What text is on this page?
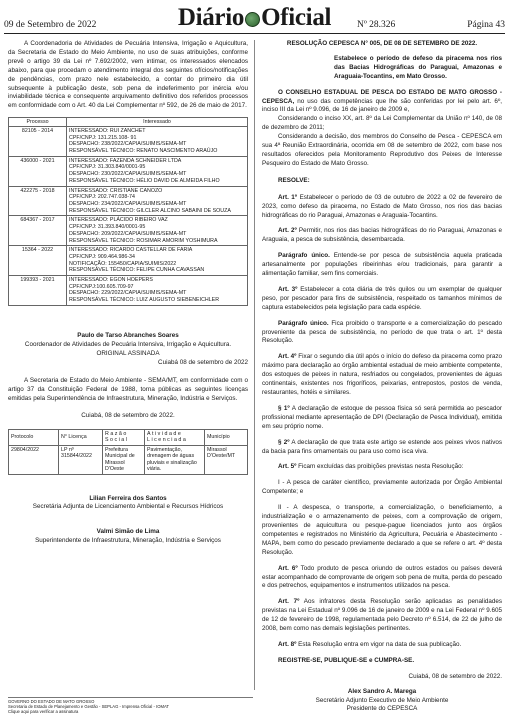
09 de Setembro de 2022	Diário Oficial	Nº 28.326	Página 43

A Coordenadoria de Atividades de Pecuária Intensiva, Irrigação e Aquicultura, da Secretaria de Estado do Meio Ambiente, no uso de suas atribuições, conforme prevê o artigo 39 da Lei nº 7.692/2002, vem intimar, os interessados elencados abaixo, para que procedam o atendimento integral dos seguintes ofícios/notificações de pendências, com prazo nele estabelecido, a contar do primeiro dia útil subsequente à publicação deste, sob pena de indeferimento por inércia e/ou inviabilidade técnica e consequente arquivamento definitivo dos referidos processos em conformidade com o Art. 40 da Lei Complementar nº 592, de 26 de maio de 2017.

Processo	Interessado
82105 - 2014	INTERESSADO: RUI ZANCHET
CPF/CNPJ: 131.215.108- 91
DESPACHO: 238/2022/CAPIA/SUIMIS/SEMA-MT
RESPONSÁVEL TÉCNICO: RENATO NASCIMENTO ARAÚJO

436000 - 2021	INTERESSADO: FAZENDA SCHNEIDER LTDA
CPF/CNPJ: 31.303.840/0001-95
DESPACHO: 230/2022/CAPIA/SUIMIS/SEMA-MT
RESPONSÁVEL TÉCNICO: HÉLIO DAVID DE ALMEIDA FILHO

422275 - 2018	INTERESSADO: CRISTIANE CANOZO
CPF/CNPJ: 202.747.038-74
DESPACHO: 234/2022/CAPIA/SUIMIS/SEMA-MT
RESPONSÁVEL TÉCNICO: GILCLER ALCINO SABAINI DE SOUZA

684367 - 2017	INTERESSADO: PLÁCIDO RIBEIRO VAZ
CPF/CNPJ: 31.393.840/0001-95
DESPACHO: 209/2022/CAPIA/SUIMIS/SEMA-MT
RESPONSÁVEL TÉCNICO: ROSIMAR AMORIM YOSHIMURA

15364 - 2022	INTERESSADO: RICARDO CASTELLAR DE FARIA
CPF/CNPJ: 909.464.986-34
NOTIFICAÇÃO: 155450/CAPIA/SUIMIS/2022
RESPONSÁVEL TÉCNICO: FELIPE CUNHA CAVASSAN

199393 - 2021	INTERESSADO: EGON HOEPERS
CPF/CNPJ:100.605.709-97
DESPACHO: 229/2022/CAPIA/SUIMIS/SEMA-MT
RESPONSÁVEL TÉCNICO: LUIZ AUGUSTO SIEBENEICHLER

Paulo de Tarso Abranches Soares

Coordenador de Atividades de Pecuária Intensiva, Irrigação e Aquicultura.

ORIGINAL ASSINADA

Cuiabá 08 de setembro de 2022

A Secretaria de Estado do Meio Ambiente - SEMA/MT, em conformidade com o artigo 37 da Constituição Federal de 1988, torna públicas as seguintes licenças emitidas pela Superintendência de Infraestrutura, Mineração, Indústria e Serviços.

Cuiabá, 08 de setembro de 2022.

Protocolo	N° Licença	Razão Social	Atividade Licenciada	Município
29804/2022	LP nº 315844/2022	Prefeitura Municipal de Mirassol D'Oeste	Pavimentação, drenagem de águas pluviais e sinalização viária.	Mirassol D'Oeste/MT

Lilian Ferreira dos Santos

Secretária Adjunta de Licenciamento Ambiental e Recursos Hídricos

Valmi Simão de Lima

Superintendente de Infraestrutura, Mineração, Indústria e Serviços

RESOLUÇÃO CEPESCA N° 005, DE 08 DE SETEMBRO DE 2022.

Estabelece o período de defeso da piracema nos rios das Bacias Hidrográficas do Paraguai, Amazonas e Araguaia-Tocantins, em Mato Grosso.

O CONSELHO ESTADUAL DE PESCA DO ESTADO DE MATO GROSSO - CEPESCA, no uso das competências que lhe são conferidas por lei pelo art. 6º, inciso III da Lei nº 9.096, de 16 de janeiro de 2009 e,

Considerando o inciso XX, art. 8º da Lei Complementar da União nº 140, de 08 de dezembro de 2011;

Considerando a decisão, dos membros do Conselho de Pesca - CEPESCA em sua 4ª Reunião Extraordinária, ocorrida em 08 de setembro de 2022, com base nos resultados oferecidos pela Monitoramento Reprodutivo dos Peixes de Interesse Pesqueiro do Estado de Mato Grosso.

RESOLVE:

Art. 1º Estabelecer o período de 03 de outubro de 2022 a 02 de fevereiro de 2023, como defeso da piracema, no Estado de Mato Grosso, nos rios das bacias hidrográficas do rio Paraguai, Amazonas e Araguaia-Tocantins.

Art. 2º Permitir, nos rios das bacias hidrográficas do rio Paraguai, Amazonas e Araguaia, a pesca de subsistência, desembarcada.

Parágrafo único. Entende-se por pesca de subsistência aquela praticada artesanalmente por populações ribeirinhas e/ou tradicionais, para garantir a alimentação familiar, sem fins comerciais.

Art. 3º Estabelecer a cota diária de três quilos ou um exemplar de qualquer peso, por pescador para fins de subsistência, respeitado os tamanhos mínimos de captura estabelecidos pela legislação para cada espécie.

Parágrafo único. Fica proibido o transporte e a comercialização do pescado proveniente da pesca de subsistência, no período de que trata o art. 1º desta Resolução.

Art. 4º Fixar o segundo dia útil após o início do defeso da piracema como prazo máximo para declaração ao órgão ambiental estadual de meio ambiente competente, dos estoques de peixes in natura, resfriados ou congelados, provenientes de águas continentais, existentes nos frigoríficos, peixarias, entrepostos, postos de venda, restaurantes, hotéis e similares.

§ 1º A declaração de estoque de pessoa física só será permitida ao pescador profissional mediante apresentação de DPI (Declaração de Pesca Individual), emitida em seu próprio nome.

§ 2º A declaração de que trata este artigo se estende aos peixes vivos nativos da bacia para fins ornamentais ou para uso como isca viva.

Art. 5º Ficam excluídas das proibições previstas nesta Resolução:

I - A pesca de caráter científico, previamente autorizada por Órgão Ambiental Competente; e

II - A despesca, o transporte, a comercialização, o beneficiamento, a industrialização e o armazenamento de peixes, com a comprovação de origem, provenientes de aquicultura ou pesque-pague licenciados junto aos órgãos competentes e registrados no Ministério da Agricultura, Pecuária e Abastecimento - MAPA, bem como do pescado previamente declarado a que se refere o art. 4º desta Resolução.

Art. 6º Todo produto de pesca oriundo de outros estados ou países deverá estar acompanhado de comprovante de origem sob pena de multa, perda do pescado e dos petrechos, equipamentos e instrumentos utilizados na pesca.

Art. 7º Aos infratores desta Resolução serão aplicadas as penalidades previstas na Lei Estadual nº 9.096 de 16 de janeiro de 2009 e na Lei Federal nº 9.605 de 12 de fevereiro de 1998, regulamentada pelo Decreto nº 6.514, de 22 de julho de 2008, bem como nas demais legislações pertinentes.

Art. 8º Esta Resolução entra em vigor na data de sua publicação.

REGISTRE-SE, PUBLIQUE-SE e CUMPRA-SE.

Cuiabá, 08 de setembro de 2022.

Alex Sandro A. Marega

Secretário Adjunto Executivo de Meio Ambiente

Presidente do CEPESCA

GOVERNO DO ESTADO DE MATO GROSSO
Secretaria de Estado de Planejamento e Gestão - SEPLAG - Imprensa Oficial - IOMAT
Clique aqui para verificar a assinatura
